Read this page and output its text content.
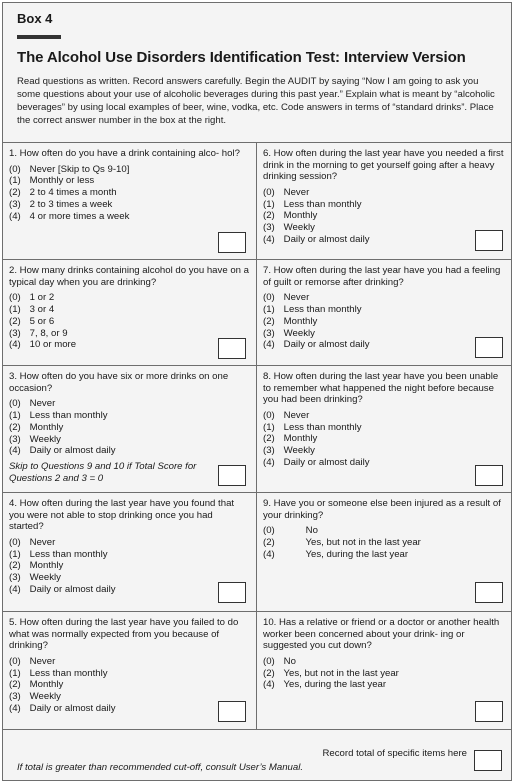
Box 4
The Alcohol Use Disorders Identification Test: Interview Version
Read questions as written. Record answers carefully. Begin the AUDIT by saying “Now I am going to ask you some questions about your use of alcoholic beverages during this past year.” Explain what is meant by “alcoholic beverages” by using local examples of beer, wine, vodka, etc. Code answers in terms of “standard drinks”. Place the correct answer number in the box at the right.
1. How often do you have a drink containing alco- hol?
(0) Never [Skip to Qs 9-10]
(1) Monthly or less
(2) 2 to 4 times a month
(3) 2 to 3 times a week
(4) 4 or more times a week
6. How often during the last year have you needed a first drink in the morning to get yourself going after a heavy drinking session?
(0) Never
(1) Less than monthly
(2) Monthly
(3) Weekly
(4) Daily or almost daily
2. How many drinks containing alcohol do you have on a typical day when you are drinking?
(0) 1 or 2
(1) 3 or 4
(2) 5 or 6
(3) 7, 8, or 9
(4) 10 or more
7. How often during the last year have you had a feeling of guilt or remorse after drinking?
(0) Never
(1) Less than monthly
(2) Monthly
(3) Weekly
(4) Daily or almost daily
3. How often do you have six or more drinks on one occasion?
(0) Never
(1) Less than monthly
(2) Monthly
(3) Weekly
(4) Daily or almost daily
Skip to Questions 9 and 10 if Total Score for Questions 2 and 3 = 0
8. How often during the last year have you been unable to remember what happened the night before because you had been drinking?
(0) Never
(1) Less than monthly
(2) Monthly
(3) Weekly
(4) Daily or almost daily
4. How often during the last year have you found that you were not able to stop drinking once you had started?
(0) Never
(1) Less than monthly
(2) Monthly
(3) Weekly
(4) Daily or almost daily
9. Have you or someone else been injured as a result of your drinking?
(0)	No
(2)	Yes, but not in the last year
(4)	Yes, during the last year
5. How often during the last year have you failed to do what was normally expected from you because of drinking?
(0) Never
(1) Less than monthly
(2) Monthly
(3) Weekly
(4) Daily or almost daily
10. Has a relative or friend or a doctor or another health worker been concerned about your drink- ing or suggested you cut down?
(0) No
(2) Yes, but not in the last year
(4) Yes, during the last year
Record total of specific items here
If total is greater than recommended cut-off, consult User’s Manual.
